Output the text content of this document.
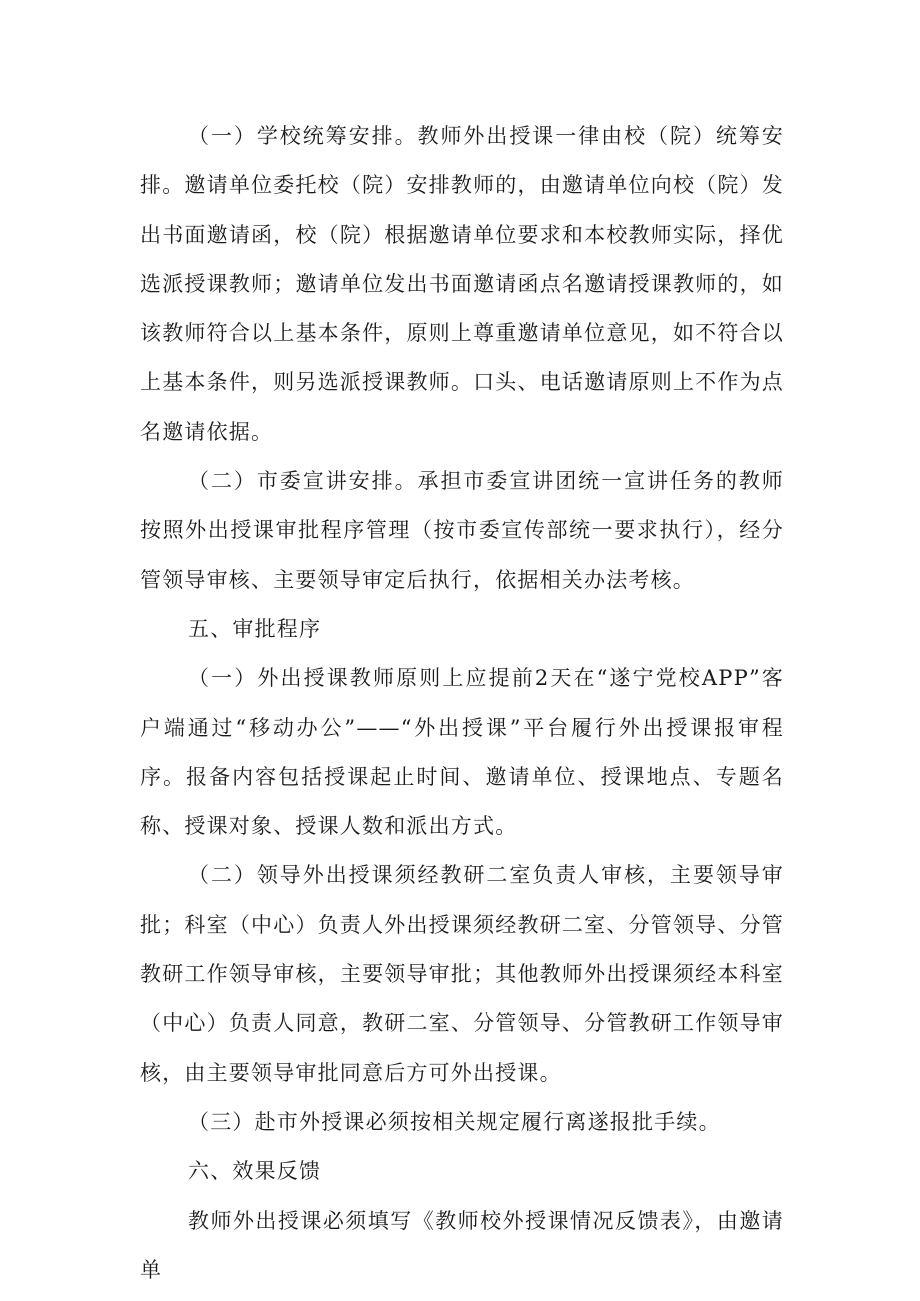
（一）学校统筹安排。教师外出授课一律由校（院）统筹安排。邀请单位委托校（院）安排教师的，由邀请单位向校（院）发出书面邀请函，校（院）根据邀请单位要求和本校教师实际，择优选派授课教师；邀请单位发出书面邀请函点名邀请授课教师的，如该教师符合以上基本条件，原则上尊重邀请单位意见，如不符合以上基本条件，则另选派授课教师。口头、电话邀请原则上不作为点名邀请依据。

（二）市委宣讲安排。承担市委宣讲团统一宣讲任务的教师按照外出授课审批程序管理（按市委宣传部统一要求执行），经分管领导审核、主要领导审定后执行，依据相关办法考核。

五、审批程序

（一）外出授课教师原则上应提前2天在“遂宁党校APP”客户端通过“移动办公”——“外出授课”平台履行外出授课报审程序。报备内容包括授课起止时间、邀请单位、授课地点、专题名称、授课对象、授课人数和派出方式。

（二）领导外出授课须经教研二室负责人审核，主要领导审批；科室（中心）负责人外出授课须经教研二室、分管领导、分管教研工作领导审核，主要领导审批；其他教师外出授课须经本科室（中心）负责人同意，教研二室、分管领导、分管教研工作领导审核，由主要领导审批同意后方可外出授课。

（三）赴市外授课必须按相关规定履行离遂报批手续。

六、效果反馈

教师外出授课必须填写《教师校外授课情况反馈表》，由邀请单
